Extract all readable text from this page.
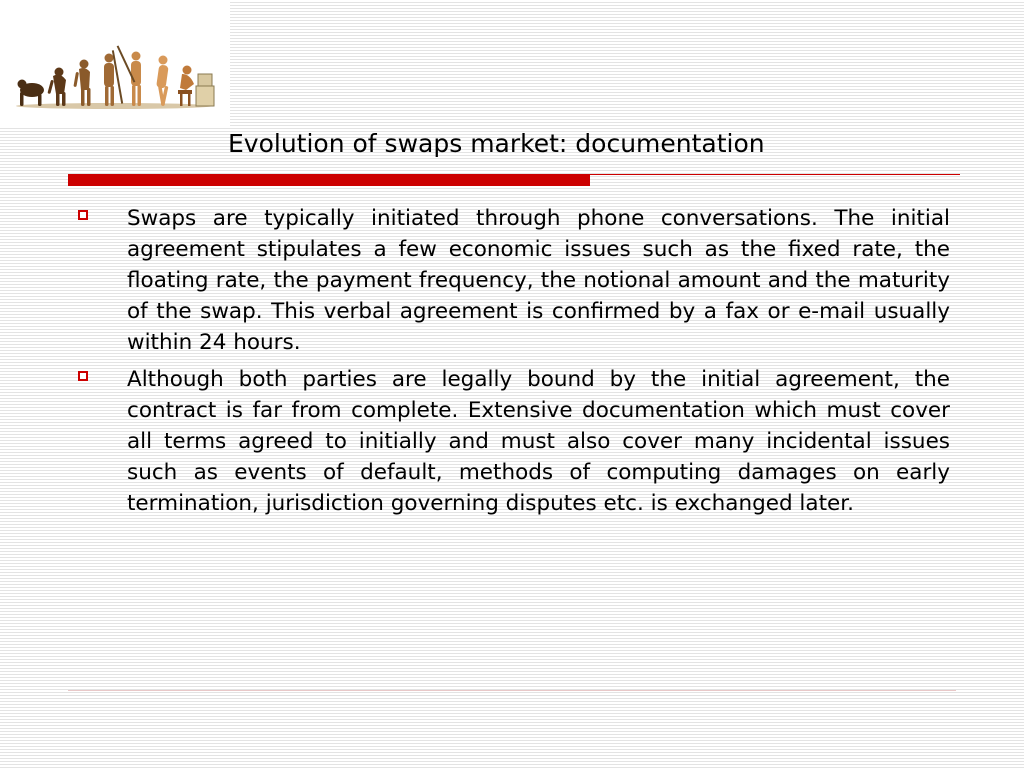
Evolution of swaps market: documentation
Swaps are typically initiated through phone conversations. The initial agreement stipulates a few economic issues such as the fixed rate, the floating rate, the payment frequency, the notional amount and the maturity of the swap. This verbal agreement is confirmed by a fax or e-mail usually within 24 hours.
Although both parties are legally bound by the initial agreement, the contract is far from complete. Extensive documentation which must cover all terms agreed to initially and must also cover many incidental issues such as events of default, methods of computing damages on early termination, jurisdiction governing disputes etc. is exchanged later.
